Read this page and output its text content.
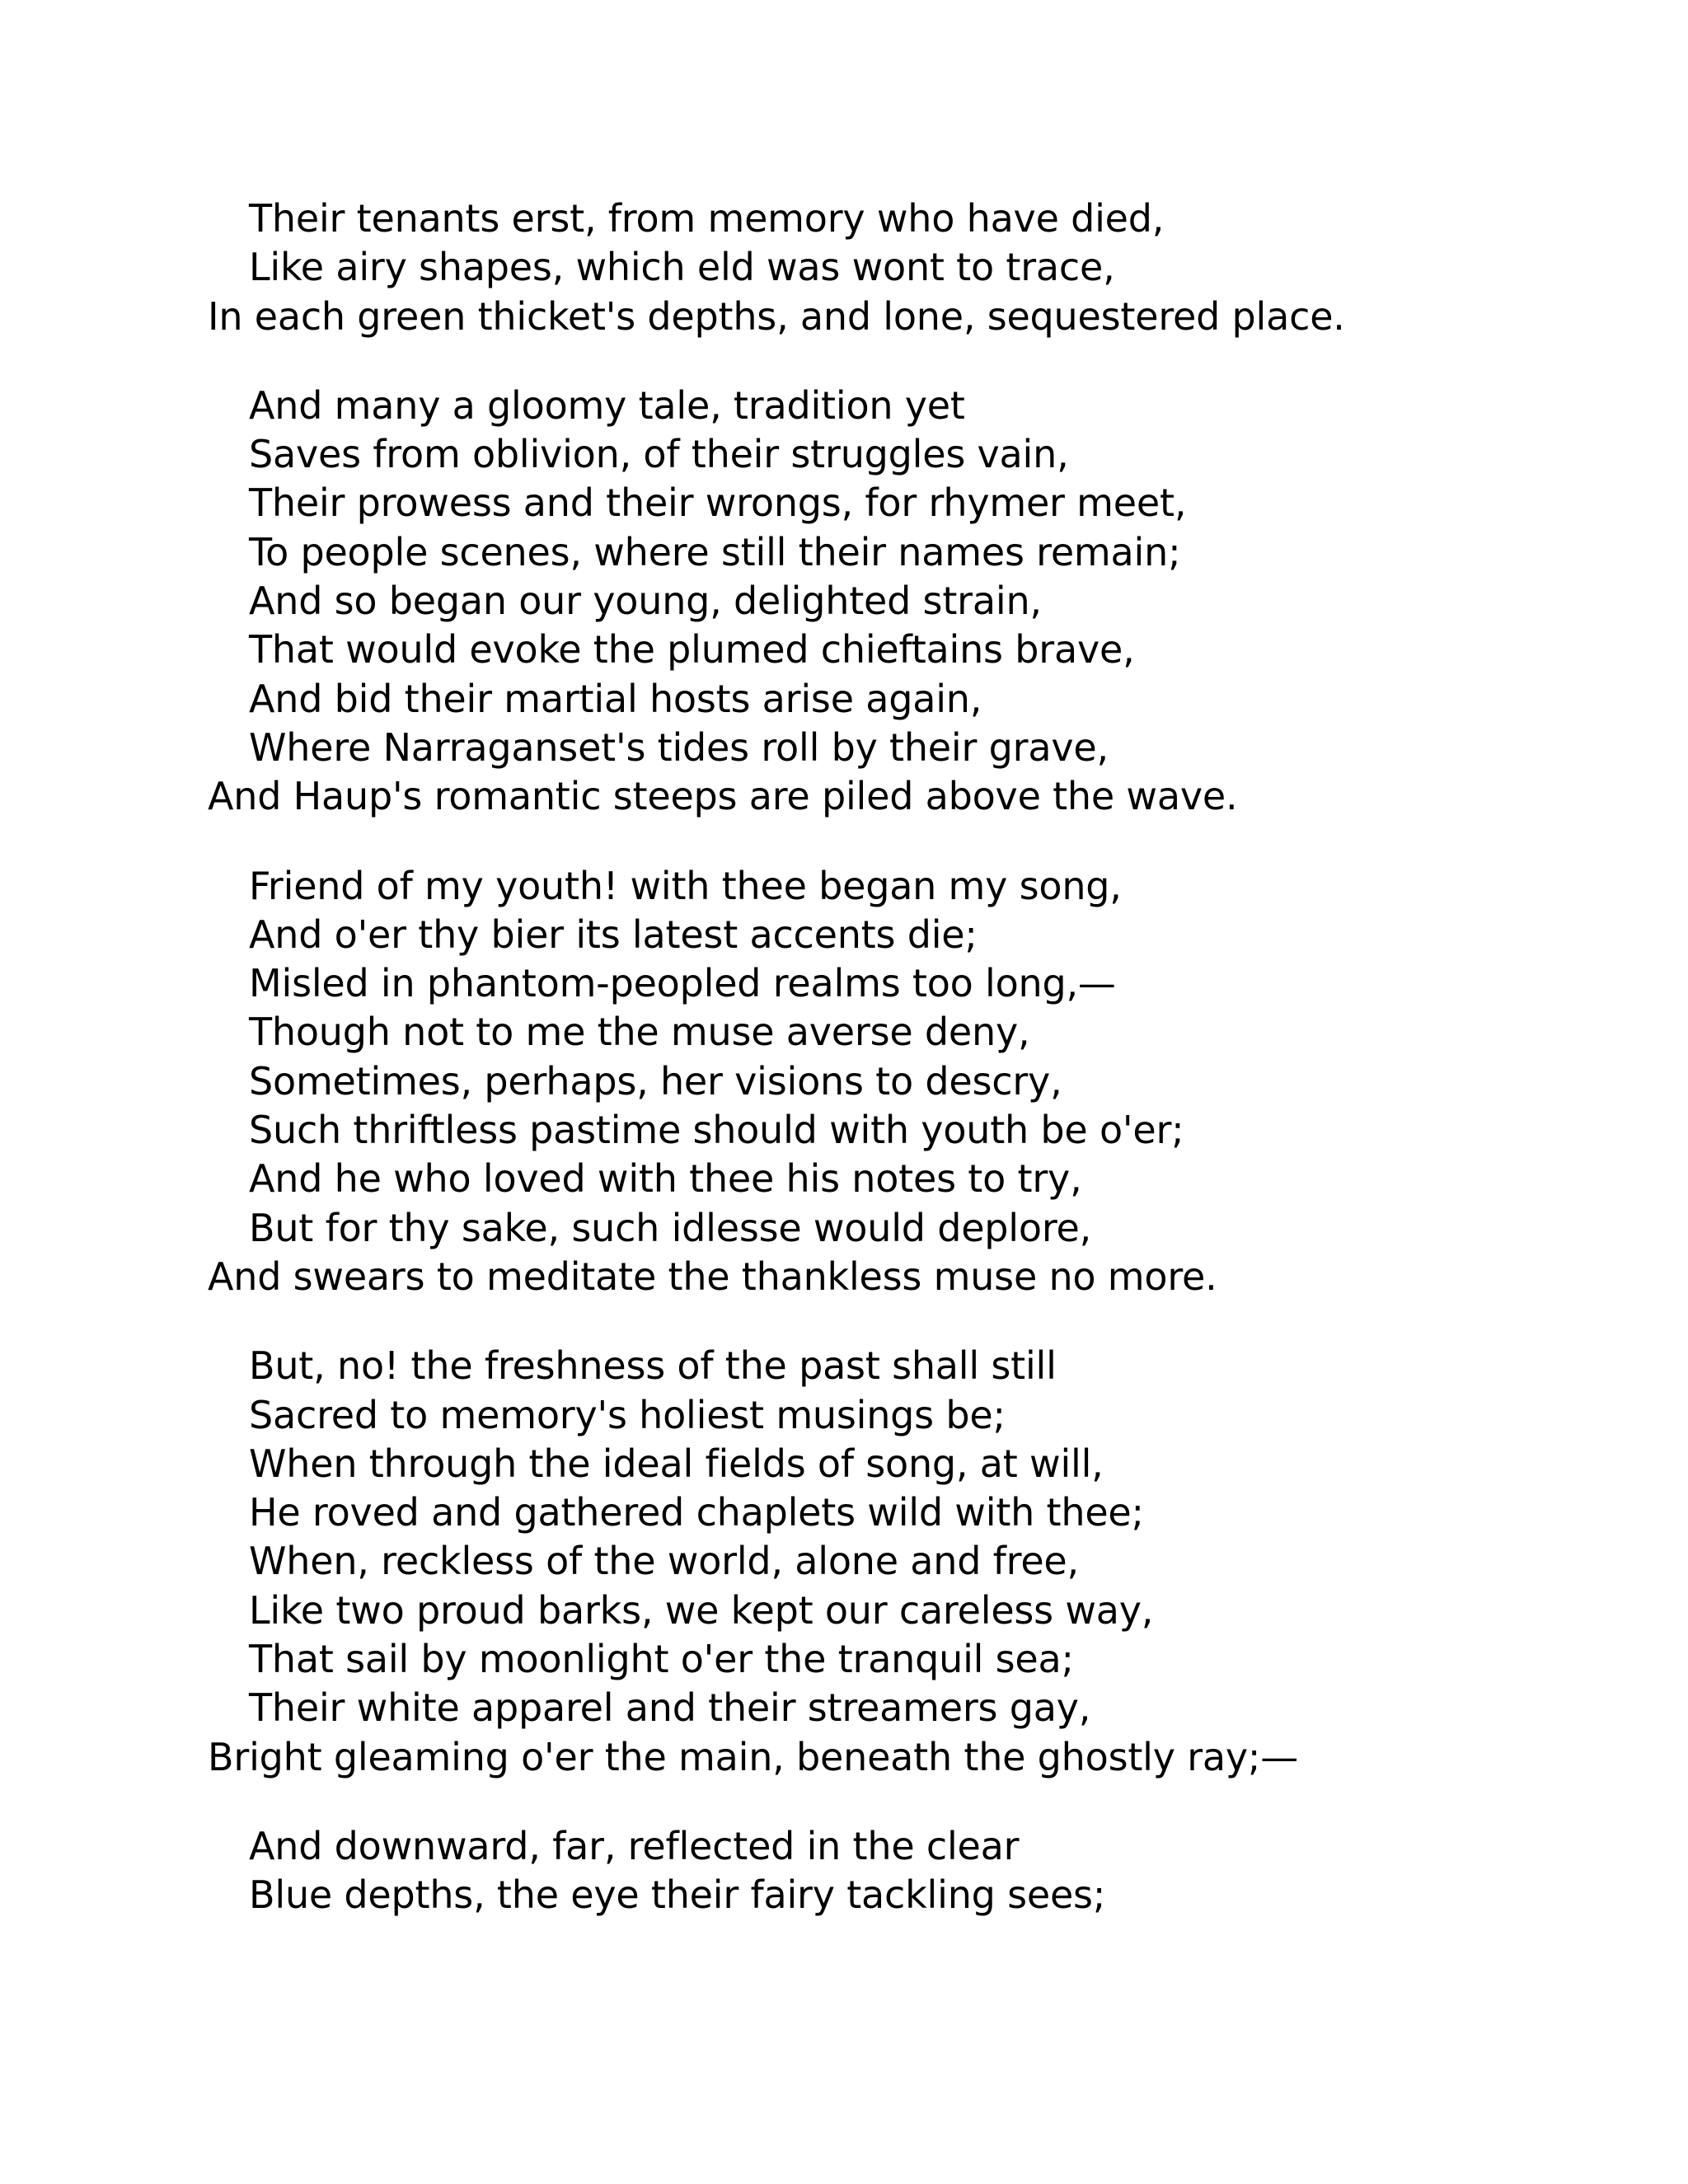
Their tenants erst, from memory who have died,
Like airy shapes, which eld was wont to trace,
In each green thicket's depths, and lone, sequestered place.
And many a gloomy tale, tradition yet
Saves from oblivion, of their struggles vain,
Their prowess and their wrongs, for rhymer meet,
To people scenes, where still their names remain;
And so began our young, delighted strain,
That would evoke the plumed chieftains brave,
And bid their martial hosts arise again,
Where Narraganset's tides roll by their grave,
And Haup's romantic steeps are piled above the wave.
Friend of my youth! with thee began my song,
And o'er thy bier its latest accents die;
Misled in phantom-peopled realms too long,—
Though not to me the muse averse deny,
Sometimes, perhaps, her visions to descry,
Such thriftless pastime should with youth be o'er;
And he who loved with thee his notes to try,
But for thy sake, such idlesse would deplore,
And swears to meditate the thankless muse no more.
But, no! the freshness of the past shall still
Sacred to memory's holiest musings be;
When through the ideal fields of song, at will,
He roved and gathered chaplets wild with thee;
When, reckless of the world, alone and free,
Like two proud barks, we kept our careless way,
That sail by moonlight o'er the tranquil sea;
Their white apparel and their streamers gay,
Bright gleaming o'er the main, beneath the ghostly ray;—
And downward, far, reflected in the clear
Blue depths, the eye their fairy tackling sees;
